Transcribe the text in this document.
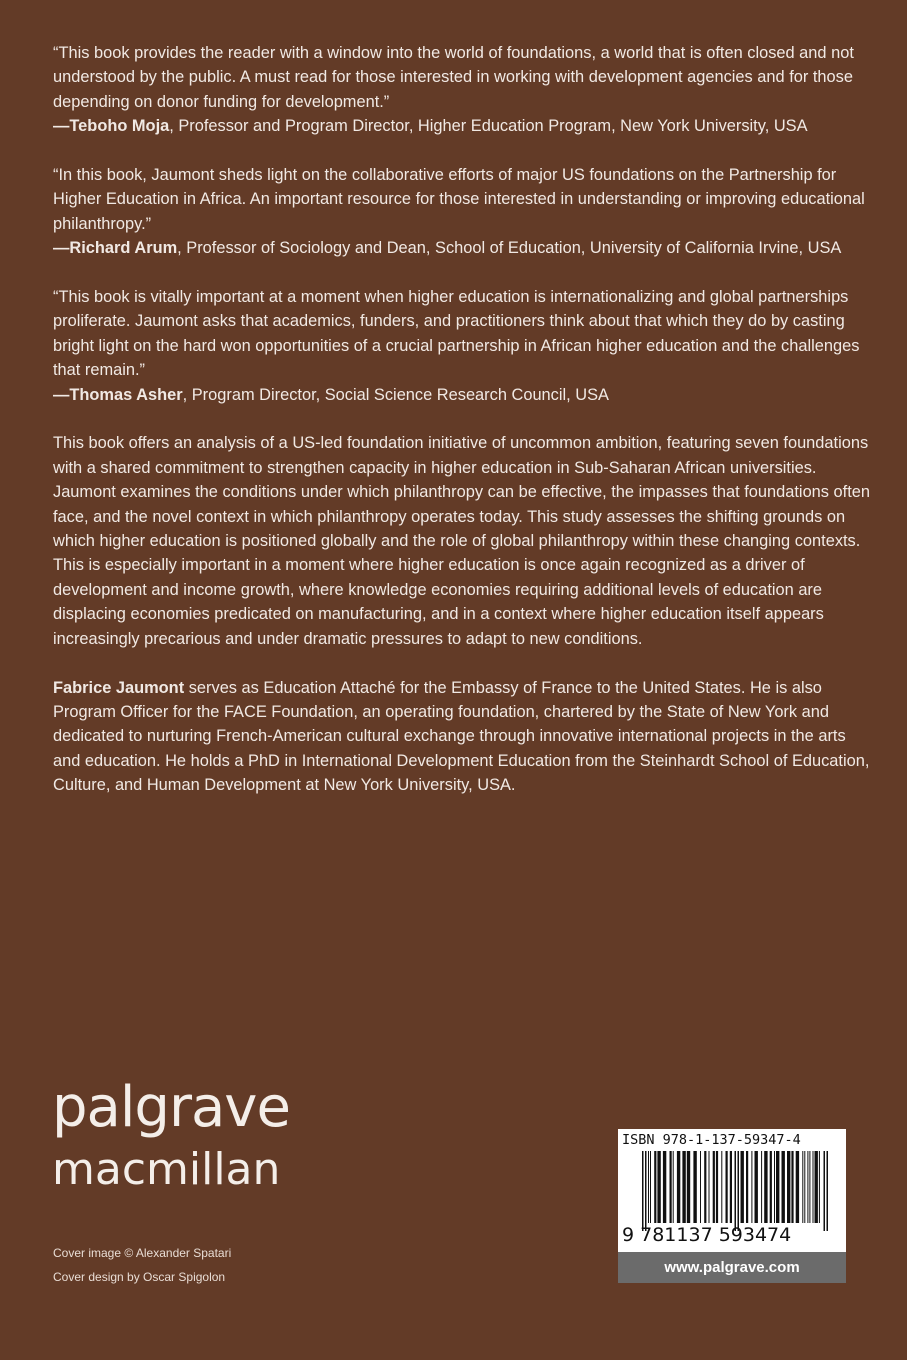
“This book provides the reader with a window into the world of foundations, a world that is often closed and not understood by the public. A must read for those interested in working with development agencies and for those depending on donor funding for development.”

—Teboho Moja, Professor and Program Director, Higher Education Program, New York University, USA

“In this book, Jaumont sheds light on the collaborative efforts of major US foundations on the Partnership for Higher Education in Africa. An important resource for those interested in understanding or improving educational philanthropy.”

—Richard Arum, Professor of Sociology and Dean, School of Education, University of California Irvine, USA

“This book is vitally important at a moment when higher education is internationalizing and global partnerships proliferate. Jaumont asks that academics, funders, and practitioners think about that which they do by casting bright light on the hard won opportunities of a crucial partnership in African higher education and the challenges that remain.”

—Thomas Asher, Program Director, Social Science Research Council, USA

This book offers an analysis of a US-led foundation initiative of uncommon ambition, featuring seven foundations with a shared commitment to strengthen capacity in higher education in Sub-Saharan African universities. Jaumont examines the conditions under which philanthropy can be effective, the impasses that foundations often face, and the novel context in which philanthropy operates today. This study assesses the shifting grounds on which higher education is positioned globally and the role of global philanthropy within these changing contexts. This is especially important in a moment where higher education is once again recognized as a driver of development and income growth, where knowledge economies requiring additional levels of education are displacing economies predicated on manufacturing, and in a context where higher education itself appears increasingly precarious and under dramatic pressures to adapt to new conditions.

Fabrice Jaumont serves as Education Attaché for the Embassy of France to the United States. He is also Program Officer for the FACE Foundation, an operating foundation, chartered by the State of New York and dedicated to nurturing French-American cultural exchange through innovative international projects in the arts and education. He holds a PhD in International Development Education from the Steinhardt School of Education, Culture, and Human Development at New York University, USA.

palgrave
macmillan
Cover image © Alexander Spatari
Cover design by Oscar Spigolon
ISBN 978-1-137-59347-4
9 781137 593474
www.palgrave.com
